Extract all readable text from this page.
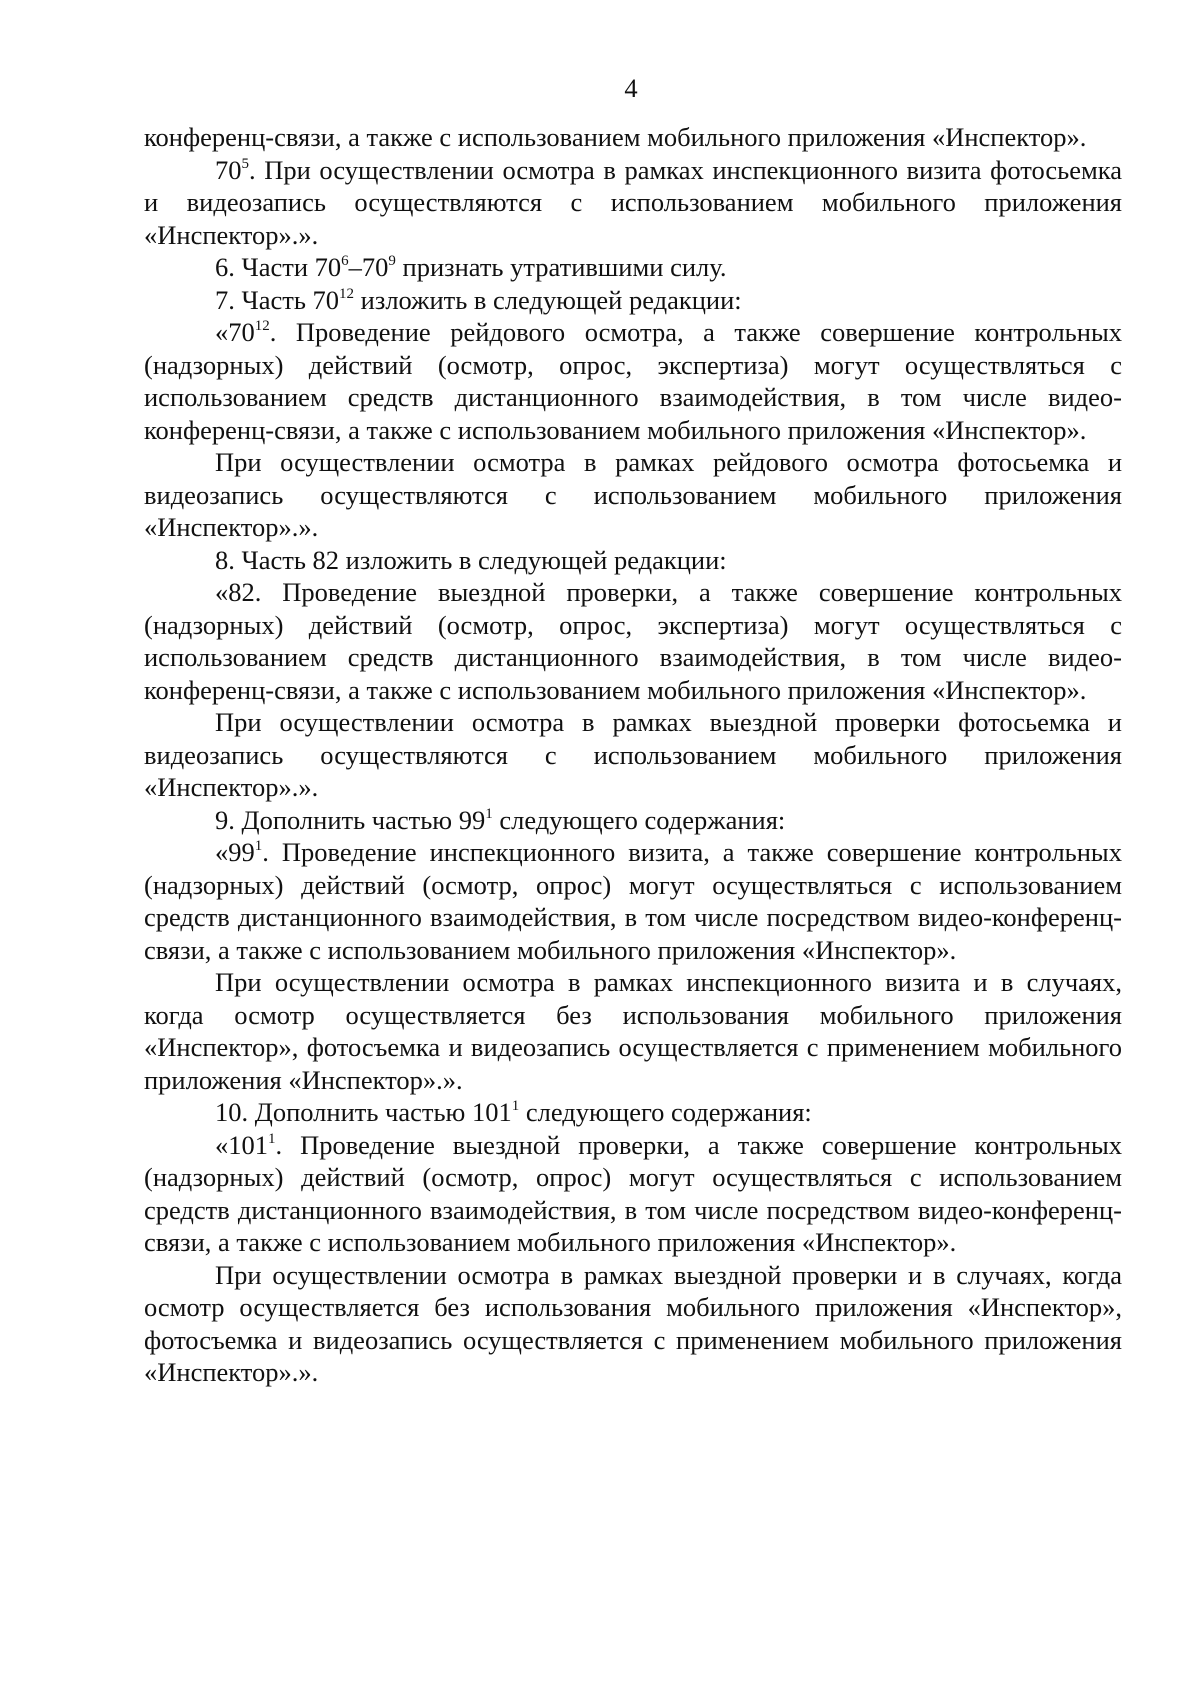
4

конференц-связи, а также с использованием мобильного приложения «Инспектор».

$70^5$. При осуществлении осмотра в рамках инспекционного визита фотосьемка и видеозапись осуществляются с использованием мобильного приложения «Инспектор».».

6. Части $70^6-70^9$ признать утратившими силу.

7. Часть $70^{12}$ изложить в следующей редакции:

«$70^{12}$. Проведение рейдового осмотра, а также совершение контрольных (надзорных) действий (осмотр, опрос, экспертиза) могут осуществляться с использованием средств дистанционного взаимодействия, в том числе видео-конференц-связи, а также с использованием мобильного приложения «Инспектор».

При осуществлении осмотра в рамках рейдового осмотра фотосьемка и видеозапись осуществляются с использованием мобильного приложения «Инспектор».».

8. Часть 82 изложить в следующей редакции:

«82. Проведение выездной проверки, а также совершение контрольных (надзорных) действий (осмотр, опрос, экспертиза) могут осуществляться с использованием средств дистанционного взаимодействия, в том числе видео-конференц-связи, а также с использованием мобильного приложения «Инспектор».

При осуществлении осмотра в рамках выездной проверки фотосьемка и видеозапись осуществляются с использованием мобильного приложения «Инспектор».».

9. Дополнить частью $99^1$ следующего содержания:

«$99^1$. Проведение инспекционного визита, а также совершение контрольных (надзорных) действий (осмотр, опрос) могут осуществляться с использованием средств дистанционного взаимодействия, в том числе посредством видео-конференц-связи, а также с использованием мобильного приложения «Инспектор».

При осуществлении осмотра в рамках инспекционного визита и в случаях, когда осмотр осуществляется без использования мобильного приложения «Инспектор», фотосъемка и видеозапись осуществляется с применением мобильного приложения «Инспектор».».

10. Дополнить частью $101^1$ следующего содержания:

«$101^1$. Проведение выездной проверки, а также совершение контрольных (надзорных) действий (осмотр, опрос) могут осуществляться с использованием средств дистанционного взаимодействия, в том числе посредством видео-конференц-связи, а также с использованием мобильного приложения «Инспектор».

При осуществлении осмотра в рамках выездной проверки и в случаях, когда осмотр осуществляется без использования мобильного приложения «Инспектор», фотосъемка и видеозапись осуществляется с применением мобильного приложения «Инспектор».».
